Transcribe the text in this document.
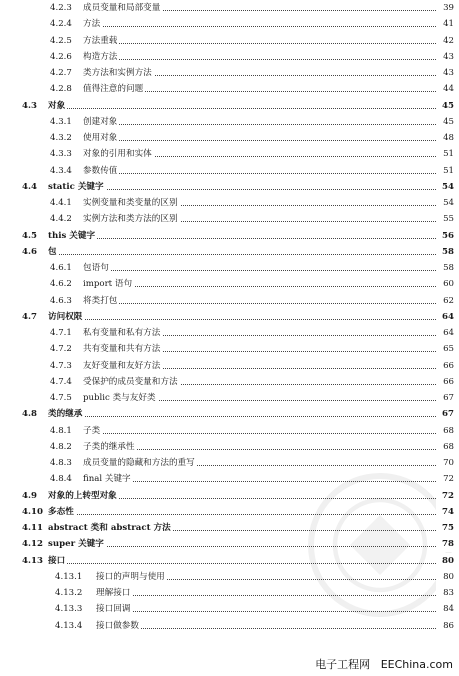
4.2.3 成员变量和局部变量	39
4.2.4 方法	41
4.2.5 方法重载	42
4.2.6 构造方法	43
4.2.7 类方法和实例方法	43
4.2.8 值得注意的问题	44
4.3 对象	45
4.3.1 创建对象	45
4.3.2 使用对象	48
4.3.3 对象的引用和实体	51
4.3.4 参数传值	51
4.4 static 关键字	54
4.4.1 实例变量和类变量的区别	54
4.4.2 实例方法和类方法的区别	55
4.5 this 关键字	56
4.6 包	58
4.6.1 包语句	58
4.6.2 import 语句	60
4.6.3 将类打包	62
4.7 访问权限	64
4.7.1 私有变量和私有方法	64
4.7.2 共有变量和共有方法	65
4.7.3 友好变量和友好方法	66
4.7.4 受保护的成员变量和方法	66
4.7.5 public 类与友好类	67
4.8 类的继承	67
4.8.1 子类	68
4.8.2 子类的继承性	68
4.8.3 成员变量的隐藏和方法的重写	70
4.8.4 final 关键字	72
4.9 对象的上转型对象	72
4.10 多态性	74
4.11 abstract 类和 abstract 方法	75
4.12 super 关键字	78
4.13 接口	80
4.13.1 接口的声明与使用	80
4.13.2 理解接口	83
4.13.3 接口回调	84
4.13.4 接口做参数	86
电子工程网 EEChina.com
